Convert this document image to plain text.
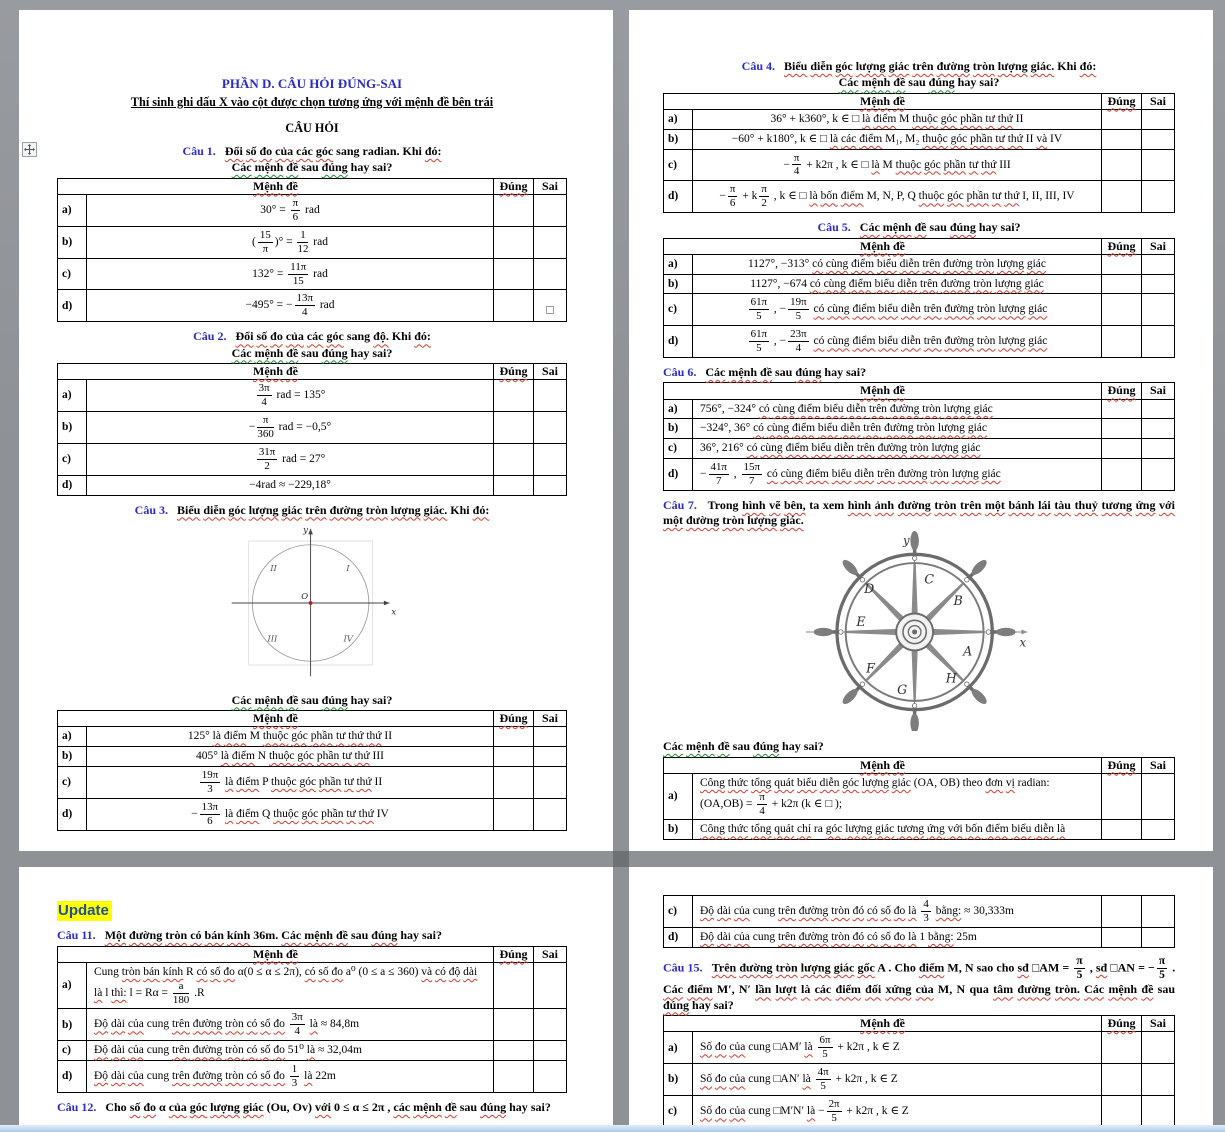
PHẦN D. CÂU HỎI ĐÚNG-SAI
Thí sinh ghi dấu X vào cột được chọn tương ứng với mệnh đề bên trái
CÂU HỎI
Câu 1. Đổi số đo của các góc sang radian. Khi đó:
Các mệnh đề sau đúng hay sai?
Mệnh đề		Đúng	Sai
a)	$30^\circ = \frac{\pi}{6}$ rad		
b)	( $\frac{15}{\pi}$ )° = $\frac{1}{12}$ rad		
c)	$132^\circ = \frac{11\pi}{15}$ rad		
d)	−495° = − $\frac{13\pi}{4}$ rad		
Câu 2. Đổi số đo của các góc sang độ. Khi đó:
Các mệnh đề sau đúng hay sai?
Mệnh đề		Đúng	Sai
a)	$\frac{3\pi}{4}$ rad = 135°		
b)	− $\frac{\pi}{360}$ rad = −0,5°		
c)	$\frac{31\pi}{2}$ rad = 27°		
d)	−4rad ≈ −229,18°		
Câu 3. Biểu diễn góc lượng giác trên đường tròn lượng giác. Khi đó:
II	I
III	IV
O
x
y
Các mệnh đề sau đúng hay sai?
Mệnh đề		Đúng	Sai
a)	125° là điểm M thuộc góc phần tư thứ thứ II		
b)	405° là điểm N thuộc góc phần tư thứ III		
c)	$\frac{19\pi}{3}$ là điểm P thuộc góc phần tư thứ II		
d)	− $\frac{13\pi}{6}$ là điểm Q thuộc góc phần tư thứ IV		
Câu 4. Biểu diễn góc lượng giác trên đường tròn lượng giác. Khi đó:
Các mệnh đề sau đúng hay sai?
Mệnh đề		Đúng	Sai
a)	36° + k360°, k ∈ □ là điểm M thuộc góc phần tư thứ II		
b)	−60° + k180°, k ∈ □ là các điểm M₁, M₂ thuộc góc phần tư thứ II và IV		
c)	− $\frac{\pi}{4} + k2\pi$ , k ∈ □ là M thuộc góc phần tư thứ III		
d)	− $\frac{\pi}{6} + k \frac{\pi}{2}$ , k ∈ □ là bốn điểm M, N, P, Q thuộc góc phần tư thứ I, II, III, IV		
Câu 5. Các mệnh đề sau đúng hay sai?
Mệnh đề		Đúng	Sai
a)	1127°, −313° có cùng điểm biểu diễn trên đường tròn lượng giác		
b)	1127°, −674 có cùng điểm biểu diễn trên đường tròn lượng giác		
c)	$\frac{61\pi}{5}$ , − $\frac{19\pi}{5}$ có cùng điểm biểu diễn trên đường tròn lượng giác		
d)	$\frac{61\pi}{5}$ , − $\frac{23\pi}{4}$ có cùng điểm biểu diễn trên đường tròn lượng giác		
Câu 6. Các mệnh đề sau đúng hay sai?
Mệnh đề		Đúng	Sai
a)	756°, −324° có cùng điểm biểu diễn trên đường tròn lượng giác		
b)	−324°, 36° có cùng điểm biểu diễn trên đường tròn lượng giác		
c)	36°, 216° có cùng điểm biểu diễn trên đường tròn lượng giác		
d)	− $\frac{41\pi}{7}$ , $\frac{15\pi}{7}$ có cùng điểm biểu diễn trên đường tròn lượng giác		
Câu 7. Trong hình vẽ bên, ta xem hình ảnh đường tròn trên một bánh lái tàu thuỷ tương ứng với một đường tròn lượng giác.
A
B
C
D
E
F
G
H
x
y
Các mệnh đề sau đúng hay sai?
Mệnh đề		Đúng	Sai
a)	Công thức tổng quát biểu diễn góc lượng giác (OA, OB) theo đơn vị radian: $(OA,OB) = \frac{\pi}{4} + k2\pi$ (k ∈ □ );		
b)	Công thức tổng quát chỉ ra góc lượng giác tương ứng với bốn điểm biểu diễn là		
Update
Câu 11. Một đường tròn có bán kính 36m. Các mệnh đề sau đúng hay sai?
Mệnh đề		Đúng	Sai
a)	Cung tròn bán kính R có số đo α(0 ≤ α ≤ 2π), có số đo a⁰ (0 ≤ a ≤ 360) và có độ dài là l thì: $l = R\alpha = \frac{a}{180} .R$		
b)	Độ dài của cung trên đường tròn có số đo $\frac{3\pi}{4}$ là ≈ 84,8m		
c)	Độ dài của cung trên đường tròn có số đo 51⁰ là ≈ 32,04m		
d)	Độ dài của cung trên đường tròn có số đo $\frac{1}{3}$ là 22m		
Câu 12. Cho số đo α của góc lượng giác (Ou, Ov) với 0 ≤ α ≤ 2π , các mệnh đề sau đúng hay sai?
c)	Độ dài của cung trên đường tròn đó có số đo là $\frac{4}{3}$ bằng: ≈ 30,333m		
d)	Độ dài của cung trên đường tròn đó có số đo là 1 bằng: 25m		
Câu 15. Trên đường tròn lượng giác gốc A . Cho điểm M, N sao cho sđ □AM = $\frac{\pi}{5}$ , sđ □AN = − $\frac{\pi}{5}$ . Các điểm M′, N′ lần lượt là các điểm đối xứng của M, N qua tâm đường tròn. Các mệnh đề sau đúng hay sai?
Mệnh đề		Đúng	Sai
a)	Số đo của cung □AM′ là $\frac{6\pi}{5} + k2\pi$ , k ∈ Z		
b)	Số đo của cung □AN′ là $\frac{4\pi}{5} + k2\pi$ , k ∈ Z		
c)	Số đo của cung □M′N′ là − $\frac{2\pi}{5} + k2\pi$ , k ∈ Z		
